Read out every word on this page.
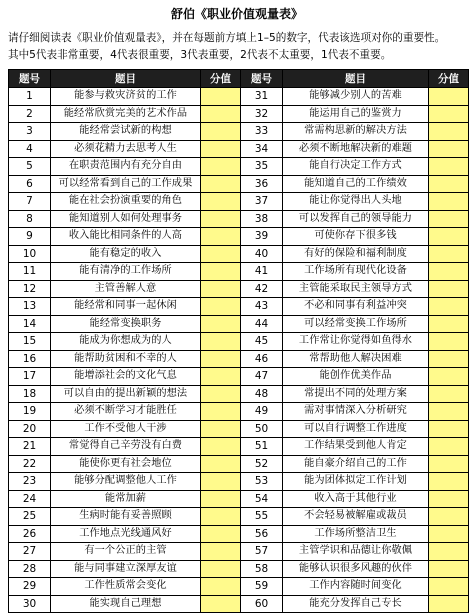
舒伯《职业价值观量表》
请仔细阅读表《职业价值观量表》，并在每题前方填上1–5的数字，代表该选项对你的重要性。
其中5代表非常重要，4代表很重要，3代表重要，2代表不太重要，1代表不重要。
题号	题目	分值
1	能参与救灾济贫的工作	
2	能经常欣赏完美的艺术作品	
3	能经常尝试新的构想	
4	必须花精力去思考人生	
5	在职责范围内有充分自由	
6	可以经常看到自己的工作成果	
7	能在社会扮演重要的角色	
8	能知道别人如何处理事务	
9	收入能比相同条件的人高	
10	能有稳定的收入	
11	能有清净的工作场所	
12	主管善解人意	
13	能经常和同事一起休闲	
14	能经常变换职务	
15	能成为你想成为的人	
16	能帮助贫困和不幸的人	
17	能增添社会的文化气息	
18	可以自由的提出新颖的想法	
19	必须不断学习才能胜任	
20	工作不受他人干涉	
21	常觉得自己辛劳没有白费	
22	能使你更有社会地位	
23	能够分配调整他人工作	
24	能常加薪	
25	生病时能有妥善照顾	
26	工作地点光线通风好	
27	有一个公正的主管	
28	能与同事建立深厚友谊	
29	工作性质常会变化	
30	能实现自己理想	
题号	题目	分值
31	能够减少别人的苦难	
32	能运用自己的鉴赏力	
33	常需构思新的解决方法	
34	必须不断地解决新的难题	
35	能自行决定工作方式	
36	能知道自己的工作绩效	
37	能让你觉得出人头地	
38	可以发挥自己的领导能力	
39	可使你存下很多钱	
40	有好的保险和福利制度	
41	工作场所有现代化设备	
42	主管能采取民主领导方式	
43	不必和同事有利益冲突	
44	可以经常变换工作场所	
45	工作常让你觉得如鱼得水	
46	常帮助他人解决困难	
47	能创作优美作品	
48	常提出不同的处理方案	
49	需对事情深入分析研究	
50	可以自行调整工作进度	
51	工作结果受到他人肯定	
52	能自豪介绍自己的工作	
53	能为团体拟定工作计划	
54	收入高于其他行业	
55	不会轻易被解雇或裁员	
56	工作场所整洁卫生	
57	主管学识和品德让你敬佩	
58	能够认识很多风趣的伙伴	
59	工作内容随时间变化	
60	能充分发挥自己专长	
